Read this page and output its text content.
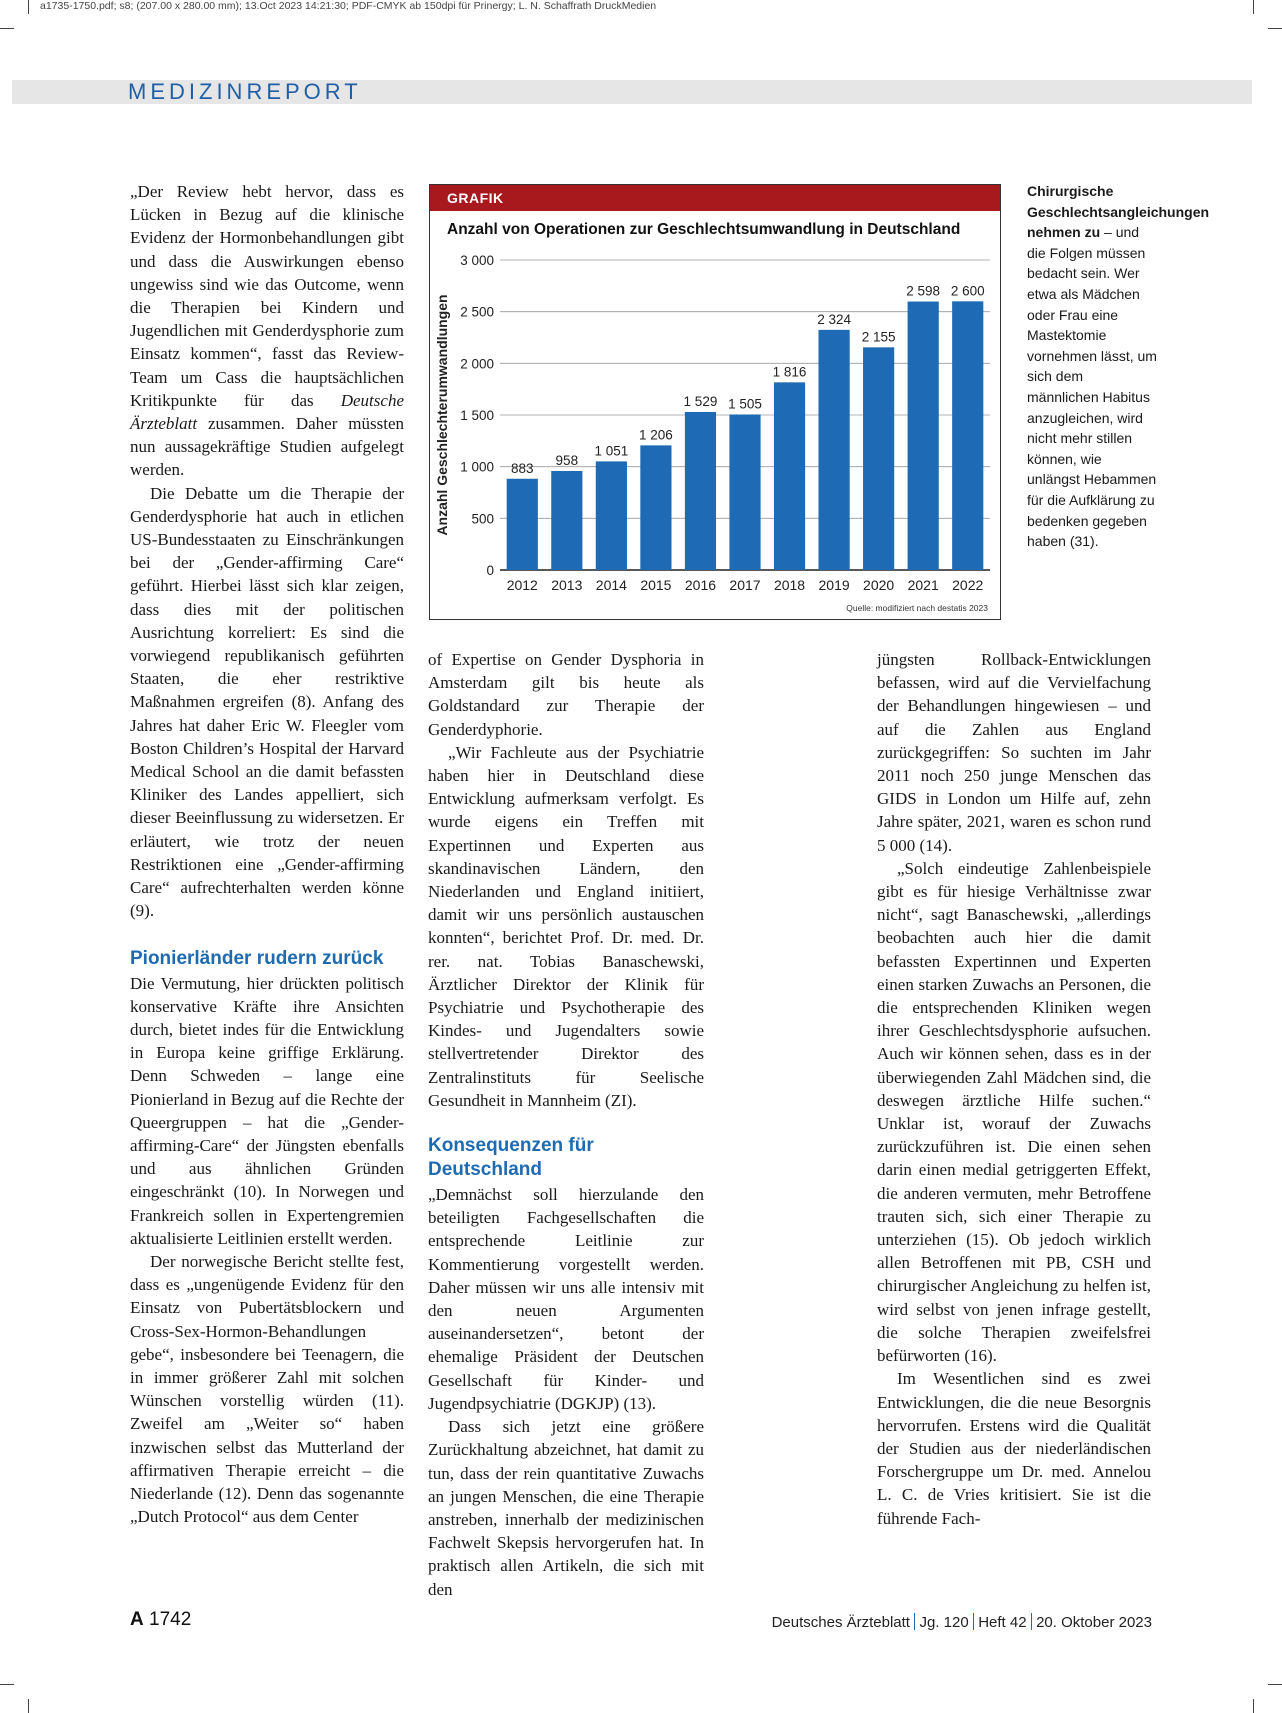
a1735-1750.pdf; s8; (207.00 x 280.00 mm); 13.Oct 2023 14:21:30; PDF-CMYK ab 150dpi für Prinergy; L. N. Schaffrath DruckMedien
MEDIZINREPORT

„Der Review hebt hervor, dass es Lücken in Bezug auf die klinische Evidenz der Hormonbehandlungen gibt und dass die Auswirkungen ebenso ungewiss sind wie das Outcome, wenn die Therapien bei Kindern und Jugendlichen mit Genderdysphorie zum Einsatz kommen“, fasst das Review-Team um Cass die hauptsächlichen Kritikpunkte für das Deutsche Ärzteblatt zusammen. Daher müssten nun aussagekräftige Studien aufgelegt werden.

Die Debatte um die Therapie der Genderdysphorie hat auch in etlichen US-Bundesstaaten zu Einschränkungen bei der „Gender-affirming Care“ geführt. Hierbei lässt sich klar zeigen, dass dies mit der politischen Ausrichtung korreliert: Es sind die vorwiegend republikanisch geführten Staaten, die eher restriktive Maßnahmen ergreifen (8). Anfang des Jahres hat daher Eric W. Fleegler vom Boston Children’s Hospital der Harvard Medical School an die damit befassten Kliniker des Landes appelliert, sich dieser Beeinflussung zu widersetzen. Er erläutert, wie trotz der neuen Restriktionen eine „Gender-affirming Care“ aufrechterhalten werden könne (9).

Pionierländer rudern zurück

Die Vermutung, hier drückten politisch konservative Kräfte ihre Ansichten durch, bietet indes für die Entwicklung in Europa keine griffige Erklärung. Denn Schweden – lange eine Pionierland in Bezug auf die Rechte der Queergruppen – hat die „Gender-affirming-Care“ der Jüngsten ebenfalls und aus ähnlichen Gründen eingeschränkt (10). In Norwegen und Frankreich sollen in Expertengremien aktualisierte Leitlinien erstellt werden.

Der norwegische Bericht stellte fest, dass es „ungenügende Evidenz für den Einsatz von Pubertätsblockern und Cross-Sex-Hormon-Behandlungen gebe“, insbesondere bei Teenagern, die in immer größerer Zahl mit solchen Wünschen vorstellig würden (11). Zweifel am „Weiter so“ haben inzwischen selbst das Mutterland der affirmativen Therapie erreicht – die Niederlande (12). Denn das sogenannte „Dutch Protocol“ aus dem Center

GRAFIK
Anzahl von Operationen zur Geschlechtsumwandlung in Deutschland
0
500
1 000
1 500
2 000
2 500
3 000
Anzahl Geschlechterumwandlungen	883
2012
958
2013
1 051
2014
1 206
2015
1 529
2016
1 505
2017
1 816
2018
2 324
2019
2 155
2020
2 598
2021
2 600
2022
Quelle: modifiziert nach destatis 2023
Chirurgische Geschlechtsangleichungen nehmen zu – und die Folgen müssen bedacht sein. Wer etwa als Mädchen oder Frau eine Mastektomie vornehmen lässt, um sich dem männlichen Habitus anzugleichen, wird nicht mehr stillen können, wie unlängst Hebammen für die Aufklärung zu bedenken gegeben haben (31).

of Expertise on Gender Dysphoria in Amsterdam gilt bis heute als Goldstandard zur Therapie der Genderdyphorie.

„Wir Fachleute aus der Psychiatrie haben hier in Deutschland diese Entwicklung aufmerksam verfolgt. Es wurde eigens ein Treffen mit Expertinnen und Experten aus skandinavischen Ländern, den Niederlanden und England initiiert, damit wir uns persönlich austauschen konnten“, berichtet Prof. Dr. med. Dr. rer. nat. Tobias Banaschewski, Ärztlicher Direktor der Klinik für Psychiatrie und Psychotherapie des Kindes- und Jugendalters sowie stellvertretender Direktor des Zentralinstituts für Seelische Gesundheit in Mannheim (ZI).

Konsequenzen für Deutschland

„Demnächst soll hierzulande den beteiligten Fachgesellschaften die entsprechende Leitlinie zur Kommentierung vorgestellt werden. Daher müssen wir uns alle intensiv mit den neuen Argumenten auseinandersetzen“, betont der ehemalige Präsident der Deutschen Gesellschaft für Kinder- und Jugendpsychiatrie (DGKJP) (13).

Dass sich jetzt eine größere Zurückhaltung abzeichnet, hat damit zu tun, dass der rein quantitative Zuwachs an jungen Menschen, die eine Therapie anstreben, innerhalb der medizinischen Fachwelt Skepsis hervorgerufen hat. In praktisch allen Artikeln, die sich mit den

jüngsten Rollback-Entwicklungen befassen, wird auf die Vervielfachung der Behandlungen hingewiesen – und auf die Zahlen aus England zurückgegriffen: So suchten im Jahr 2011 noch 250 junge Menschen das GIDS in London um Hilfe auf, zehn Jahre später, 2021, waren es schon rund 5 000 (14).

„Solch eindeutige Zahlenbeispiele gibt es für hiesige Verhältnisse zwar nicht“, sagt Banaschewski, „allerdings beobachten auch hier die damit befassten Expertinnen und Experten einen starken Zuwachs an Personen, die die entsprechenden Kliniken wegen ihrer Geschlechtsdysphorie aufsuchen. Auch wir können sehen, dass es in der überwiegenden Zahl Mädchen sind, die deswegen ärztliche Hilfe suchen.“ Unklar ist, worauf der Zuwachs zurückzuführen ist. Die einen sehen darin einen medial getriggerten Effekt, die anderen vermuten, mehr Betroffene trauten sich, sich einer Therapie zu unterziehen (15). Ob jedoch wirklich allen Betroffenen mit PB, CSH und chirurgischer Angleichung zu helfen ist, wird selbst von jenen infrage gestellt, die solche Therapien zweifelsfrei befürworten (16).

Im Wesentlichen sind es zwei Entwicklungen, die die neue Besorgnis hervorrufen. Erstens wird die Qualität der Studien aus der niederländischen Forschergruppe um Dr. med. Annelou L. C. de Vries kritisiert. Sie ist die führende Fach-

A 1742	Deutsches Ärzteblatt Jg. 120 Heft 42 20. Oktober 2023
